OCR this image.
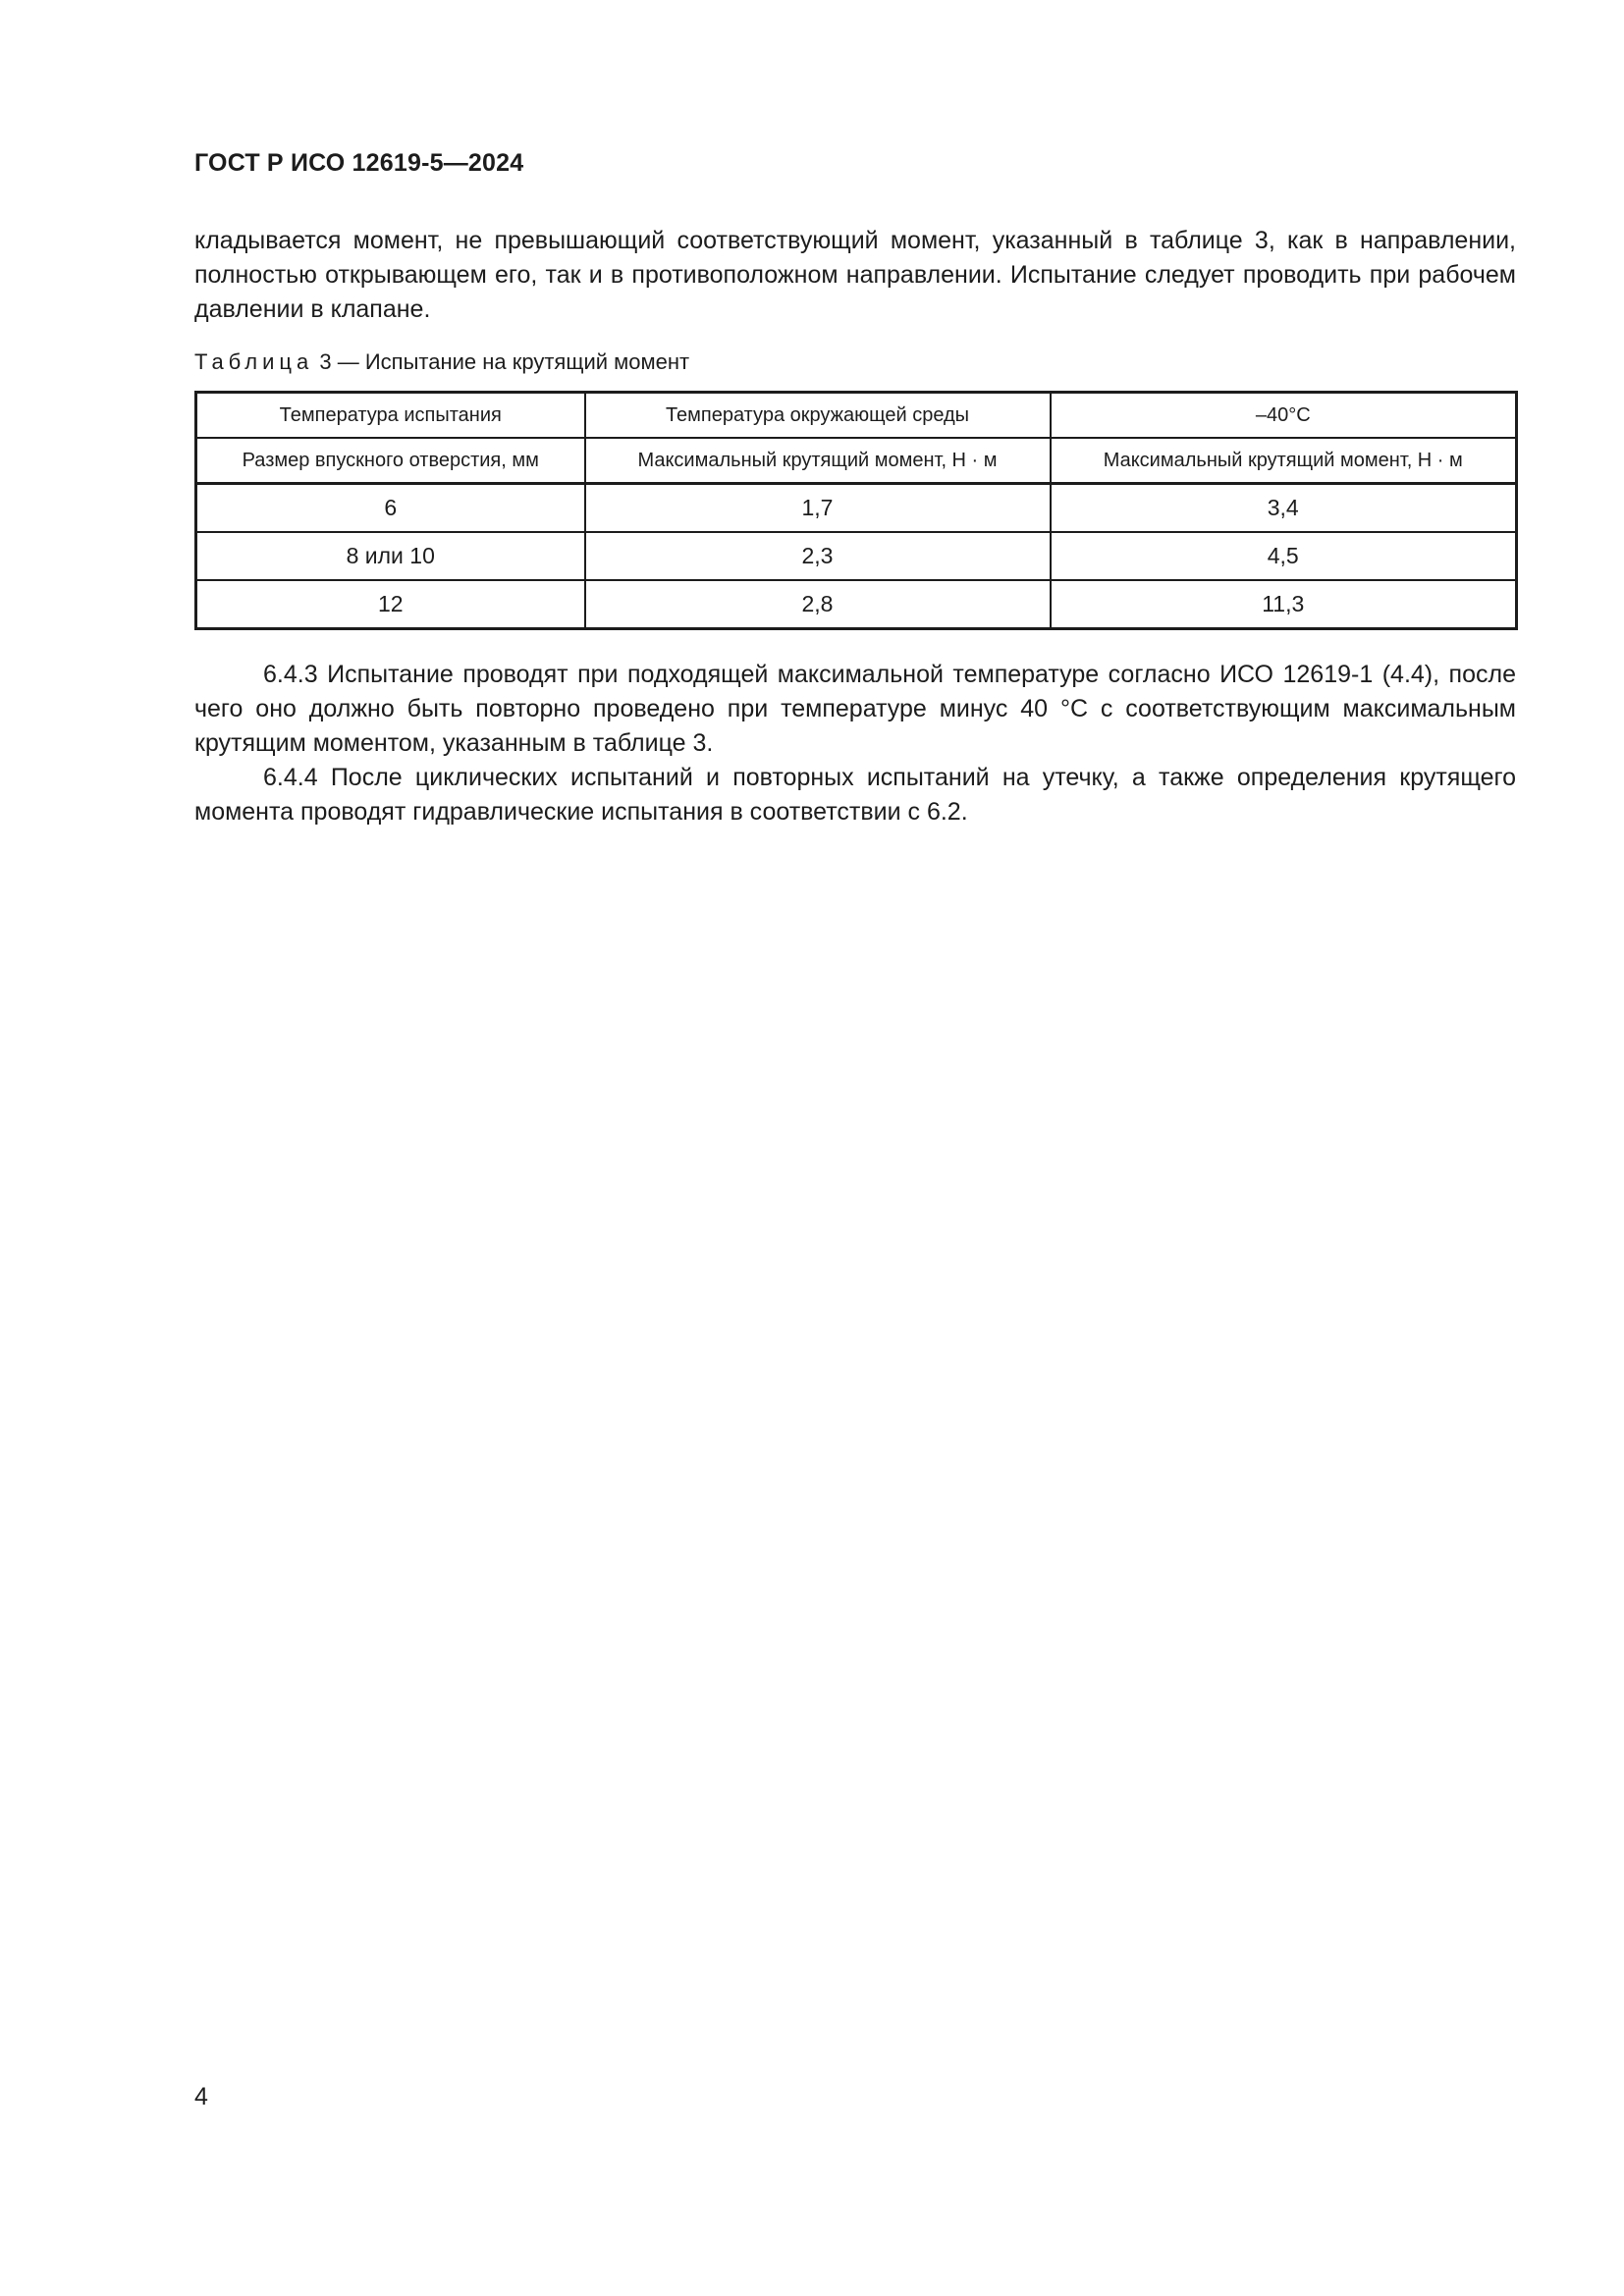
ГОСТ Р ИСО 12619-5—2024
кладывается момент, не превышающий соответствующий момент, указанный в таблице 3, как в направлении, полностью открывающем его, так и в противоположном направлении. Испытание следует проводить при рабочем давлении в клапане.
Таблица 3 — Испытание на крутящий момент
Температура испытания	Температура окружающей среды	–40°C
Размер впускного отверстия, мм	Максимальный крутящий момент, Н · м	Максимальный крутящий момент, Н · м
6	1,7	3,4
8 или 10	2,3	4,5
12	2,8	11,3

6.4.3 Испытание проводят при подходящей максимальной температуре согласно ИСО 12619-1 (4.4), после чего оно должно быть повторно проведено при температуре минус 40 °С с соответствующим максимальным крутящим моментом, указанным в таблице 3.

6.4.4 После циклических испытаний и повторных испытаний на утечку, а также определения крутящего момента проводят гидравлические испытания в соответствии с 6.2.

4
